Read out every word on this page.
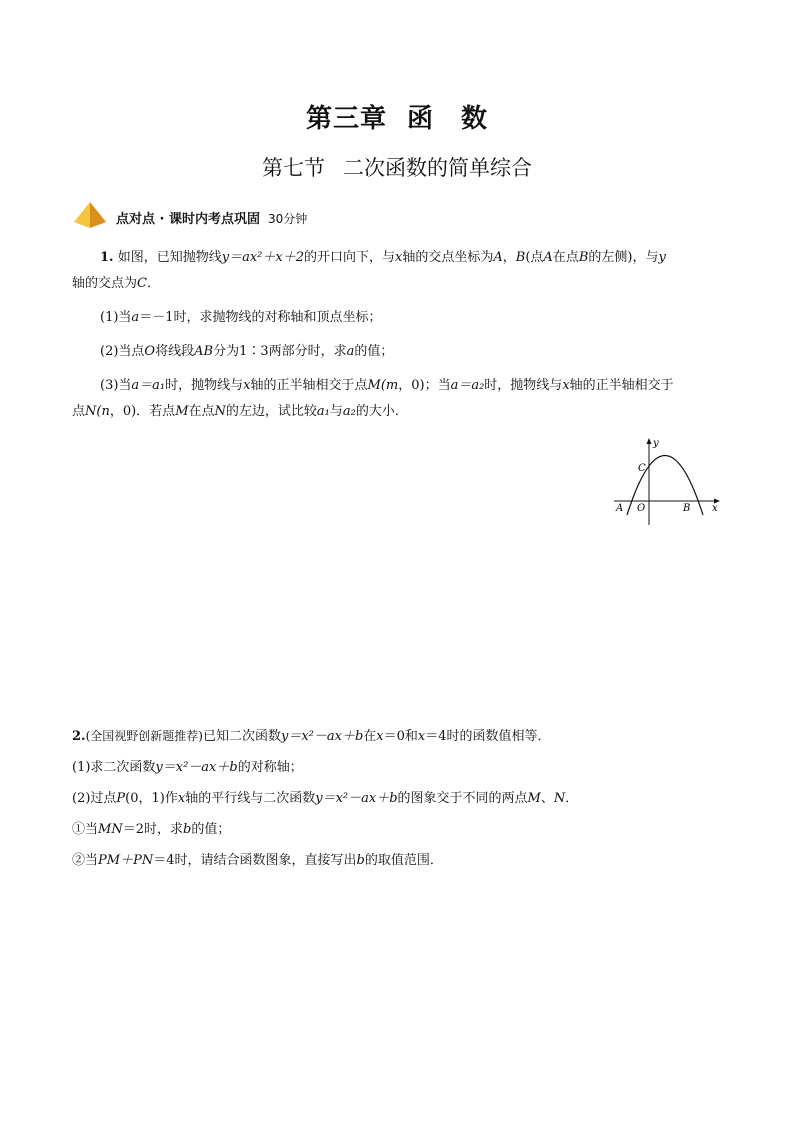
第三章 函　数
第七节 二次函数的简单综合
点对点 · 课时内考点巩固 30分钟
1. 如图，已知抛物线y＝ax²＋x＋2的开口向下，与x轴的交点坐标为A，B(点A在点B的左侧)，与y
轴的交点为C．
(1)当a＝－1时，求抛物线的对称轴和顶点坐标；
(2)当点O将线段AB分为1∶3两部分时，求a的值；
(3)当a＝a₁时，抛物线与x轴的正半轴相交于点M(m，0)；当a＝a₂时，抛物线与x轴的正半轴相交于
点N(n，0)．若点M在点N的左边，试比较a₁与a₂的大小．
y
x
A O	B
C
2.(全国视野创新题推荐)已知二次函数y＝x²－ax＋b在x＝0和x＝4时的函数值相等．
(1)求二次函数y＝x²－ax＋b的对称轴；
(2)过点P(0，1)作x轴的平行线与二次函数y＝x²－ax＋b的图象交于不同的两点M、N．
①当MN＝2时，求b的值；
②当PM＋PN＝4时，请结合函数图象，直接写出b的取值范围．
